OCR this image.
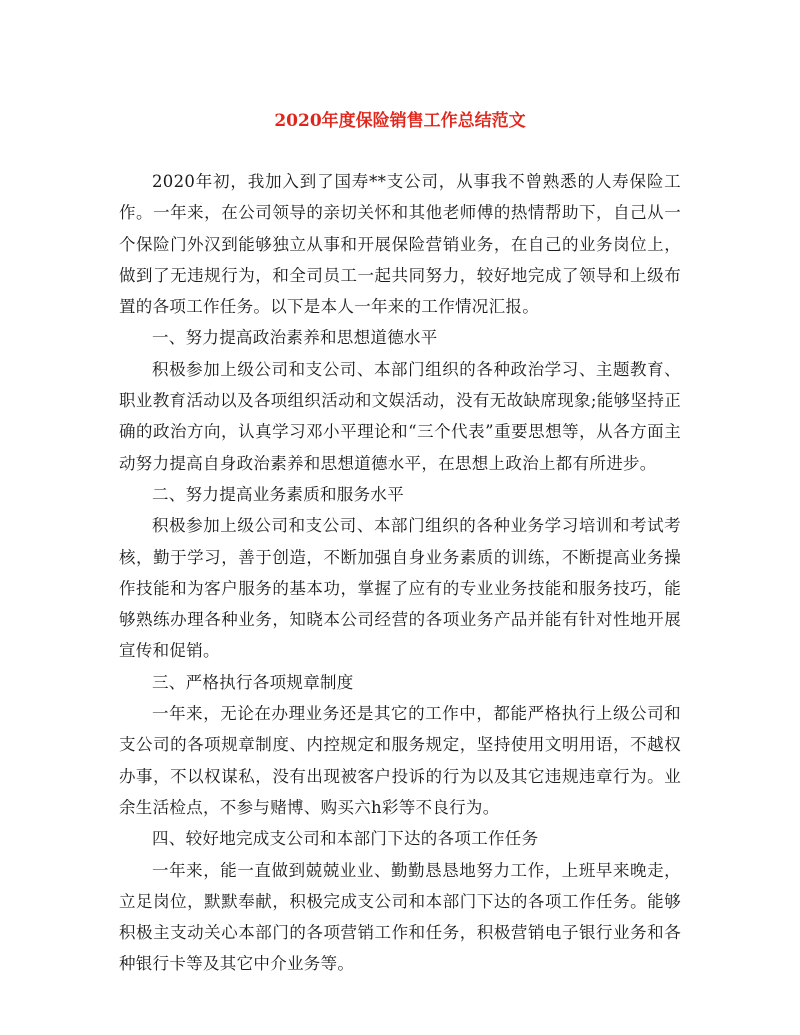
2020年度保险销售工作总结范文

2020年初，我加入到了国寿**支公司，从事我不曾熟悉的人寿保险工作。一年来，在公司领导的亲切关怀和其他老师傅的热情帮助下，自己从一个保险门外汉到能够独立从事和开展保险营销业务，在自己的业务岗位上，做到了无违规行为，和全司员工一起共同努力，较好地完成了领导和上级布置的各项工作任务。以下是本人一年来的工作情况汇报。

一、努力提高政治素养和思想道德水平

积极参加上级公司和支公司、本部门组织的各种政治学习、主题教育、职业教育活动以及各项组织活动和文娱活动，没有无故缺席现象;能够坚持正确的政治方向，认真学习邓小平理论和“三个代表”重要思想等，从各方面主动努力提高自身政治素养和思想道德水平，在思想上政治上都有所进步。

二、努力提高业务素质和服务水平

积极参加上级公司和支公司、本部门组织的各种业务学习培训和考试考核，勤于学习，善于创造，不断加强自身业务素质的训练，不断提高业务操作技能和为客户服务的基本功，掌握了应有的专业业务技能和服务技巧，能够熟练办理各种业务，知晓本公司经营的各项业务产品并能有针对性地开展宣传和促销。

三、严格执行各项规章制度

一年来，无论在办理业务还是其它的工作中，都能严格执行上级公司和支公司的各项规章制度、内控规定和服务规定，坚持使用文明用语，不越权办事，不以权谋私，没有出现被客户投诉的行为以及其它违规违章行为。业余生活检点，不参与赌博、购买六h彩等不良行为。

四、较好地完成支公司和本部门下达的各项工作任务

一年来，能一直做到兢兢业业、勤勤恳恳地努力工作，上班早来晚走，立足岗位，默默奉献，积极完成支公司和本部门下达的各项工作任务。能够积极主支动关心本部门的各项营销工作和任务，积极营销电子银行业务和各种银行卡等及其它中介业务等。
